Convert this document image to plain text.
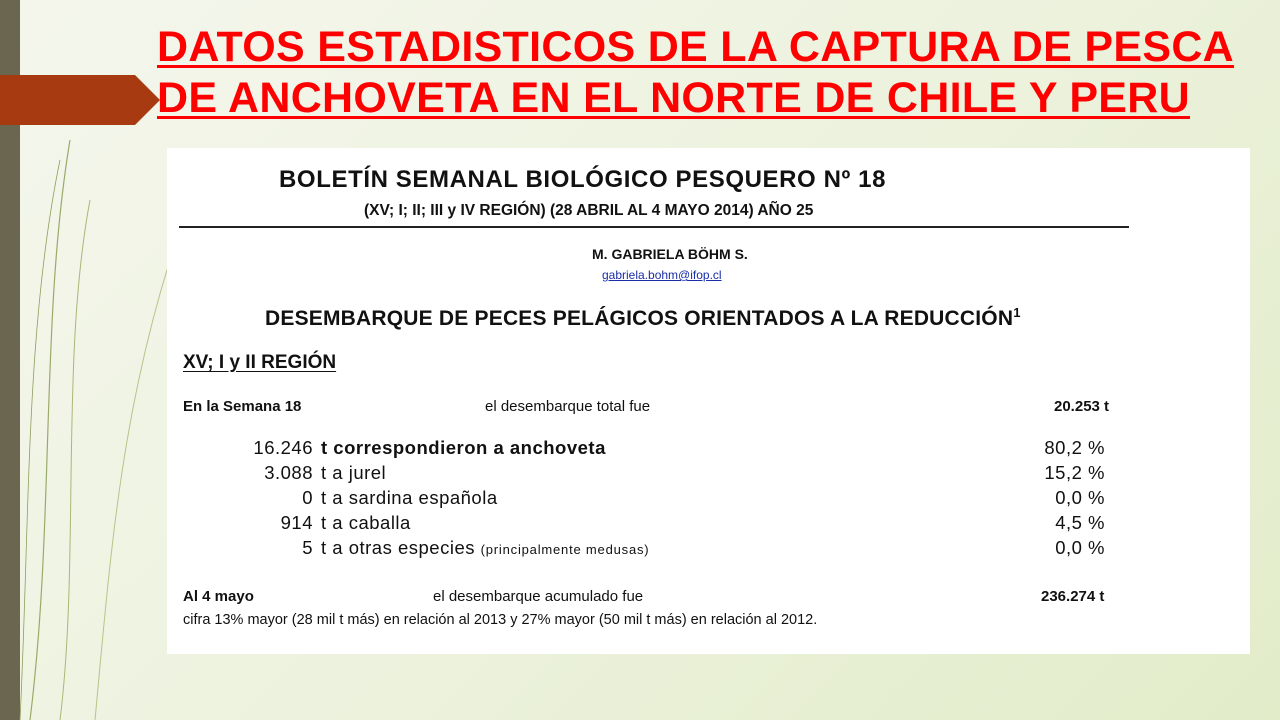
DATOS ESTADISTICOS DE LA CAPTURA DE PESCA
DE ANCHOVETA EN EL NORTE DE CHILE Y PERU
BOLETÍN SEMANAL BIOLÓGICO PESQUERO Nº 18
(XV; I; II; III y IV REGIÓN) (28 ABRIL AL 4 MAYO 2014) AÑO 25
M. GABRIELA BÖHM S.
gabriela.bohm@ifop.cl
DESEMBARQUE DE PECES PELÁGICOS ORIENTADOS A LA REDUCCIÓN$^1$
XV; I y II REGIÓN
En la Semana 18	el desembarque total fue	20.253 t
16.246 t correspondieron a anchoveta	80,2 %
3.088 t a jurel	15,2 %
0 t a sardina española	0,0 %
914 t a caballa	4,5 %
5 t a otras especies (principalmente medusas)	0,0 %
Al 4 mayo	el desembarque acumulado fue	236.274 t
cifra 13% mayor (28 mil t más) en relación al 2013 y 27% mayor (50 mil t más) en relación al 2012.
